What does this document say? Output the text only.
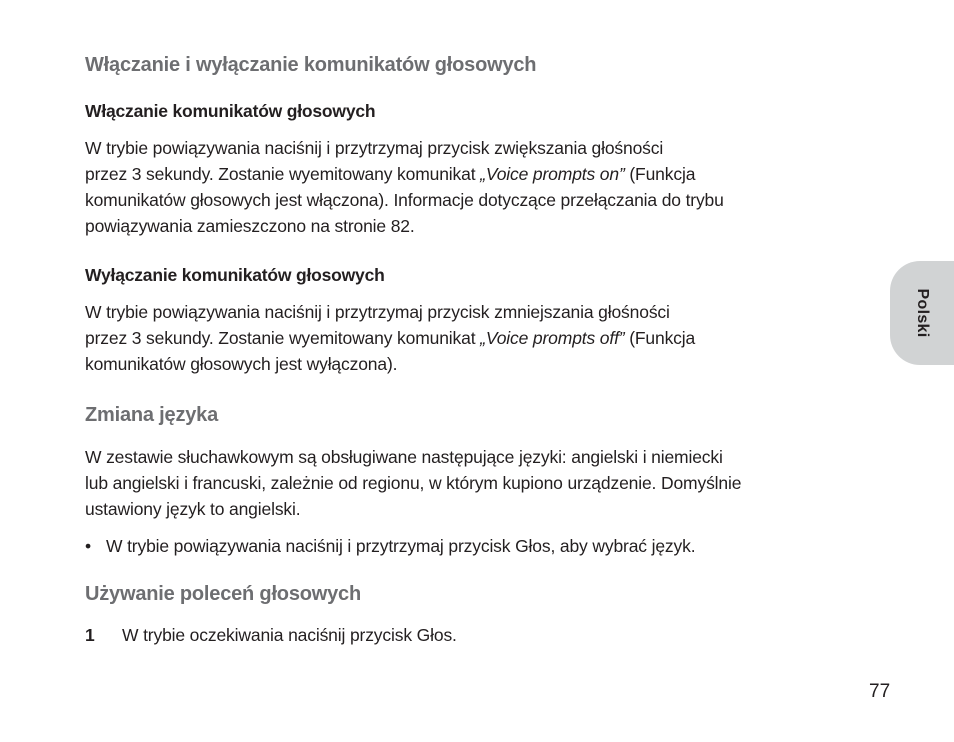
Włączanie i wyłączanie komunikatów głosowych
Włączanie komunikatów głosowych
W trybie powiązywania naciśnij i przytrzymaj przycisk zwiększania głośności
przez 3 sekundy. Zostanie wyemitowany komunikat „Voice prompts on” (Funkcja
komunikatów głosowych jest włączona). Informacje dotyczące przełączania do trybu
powiązywania zamieszczono na stronie 82.
Wyłączanie komunikatów głosowych
W trybie powiązywania naciśnij i przytrzymaj przycisk zmniejszania głośności
przez 3 sekundy. Zostanie wyemitowany komunikat „Voice prompts off” (Funkcja
komunikatów głosowych jest wyłączona).
Zmiana języka
W zestawie słuchawkowym są obsługiwane następujące języki: angielski i niemiecki
lub angielski i francuski, zależnie od regionu, w którym kupiono urządzenie. Domyślnie
ustawiony język to angielski.
• W trybie powiązywania naciśnij i przytrzymaj przycisk Głos, aby wybrać język.
Używanie poleceń głosowych
1 W trybie oczekiwania naciśnij przycisk Głos.
Polski
77
